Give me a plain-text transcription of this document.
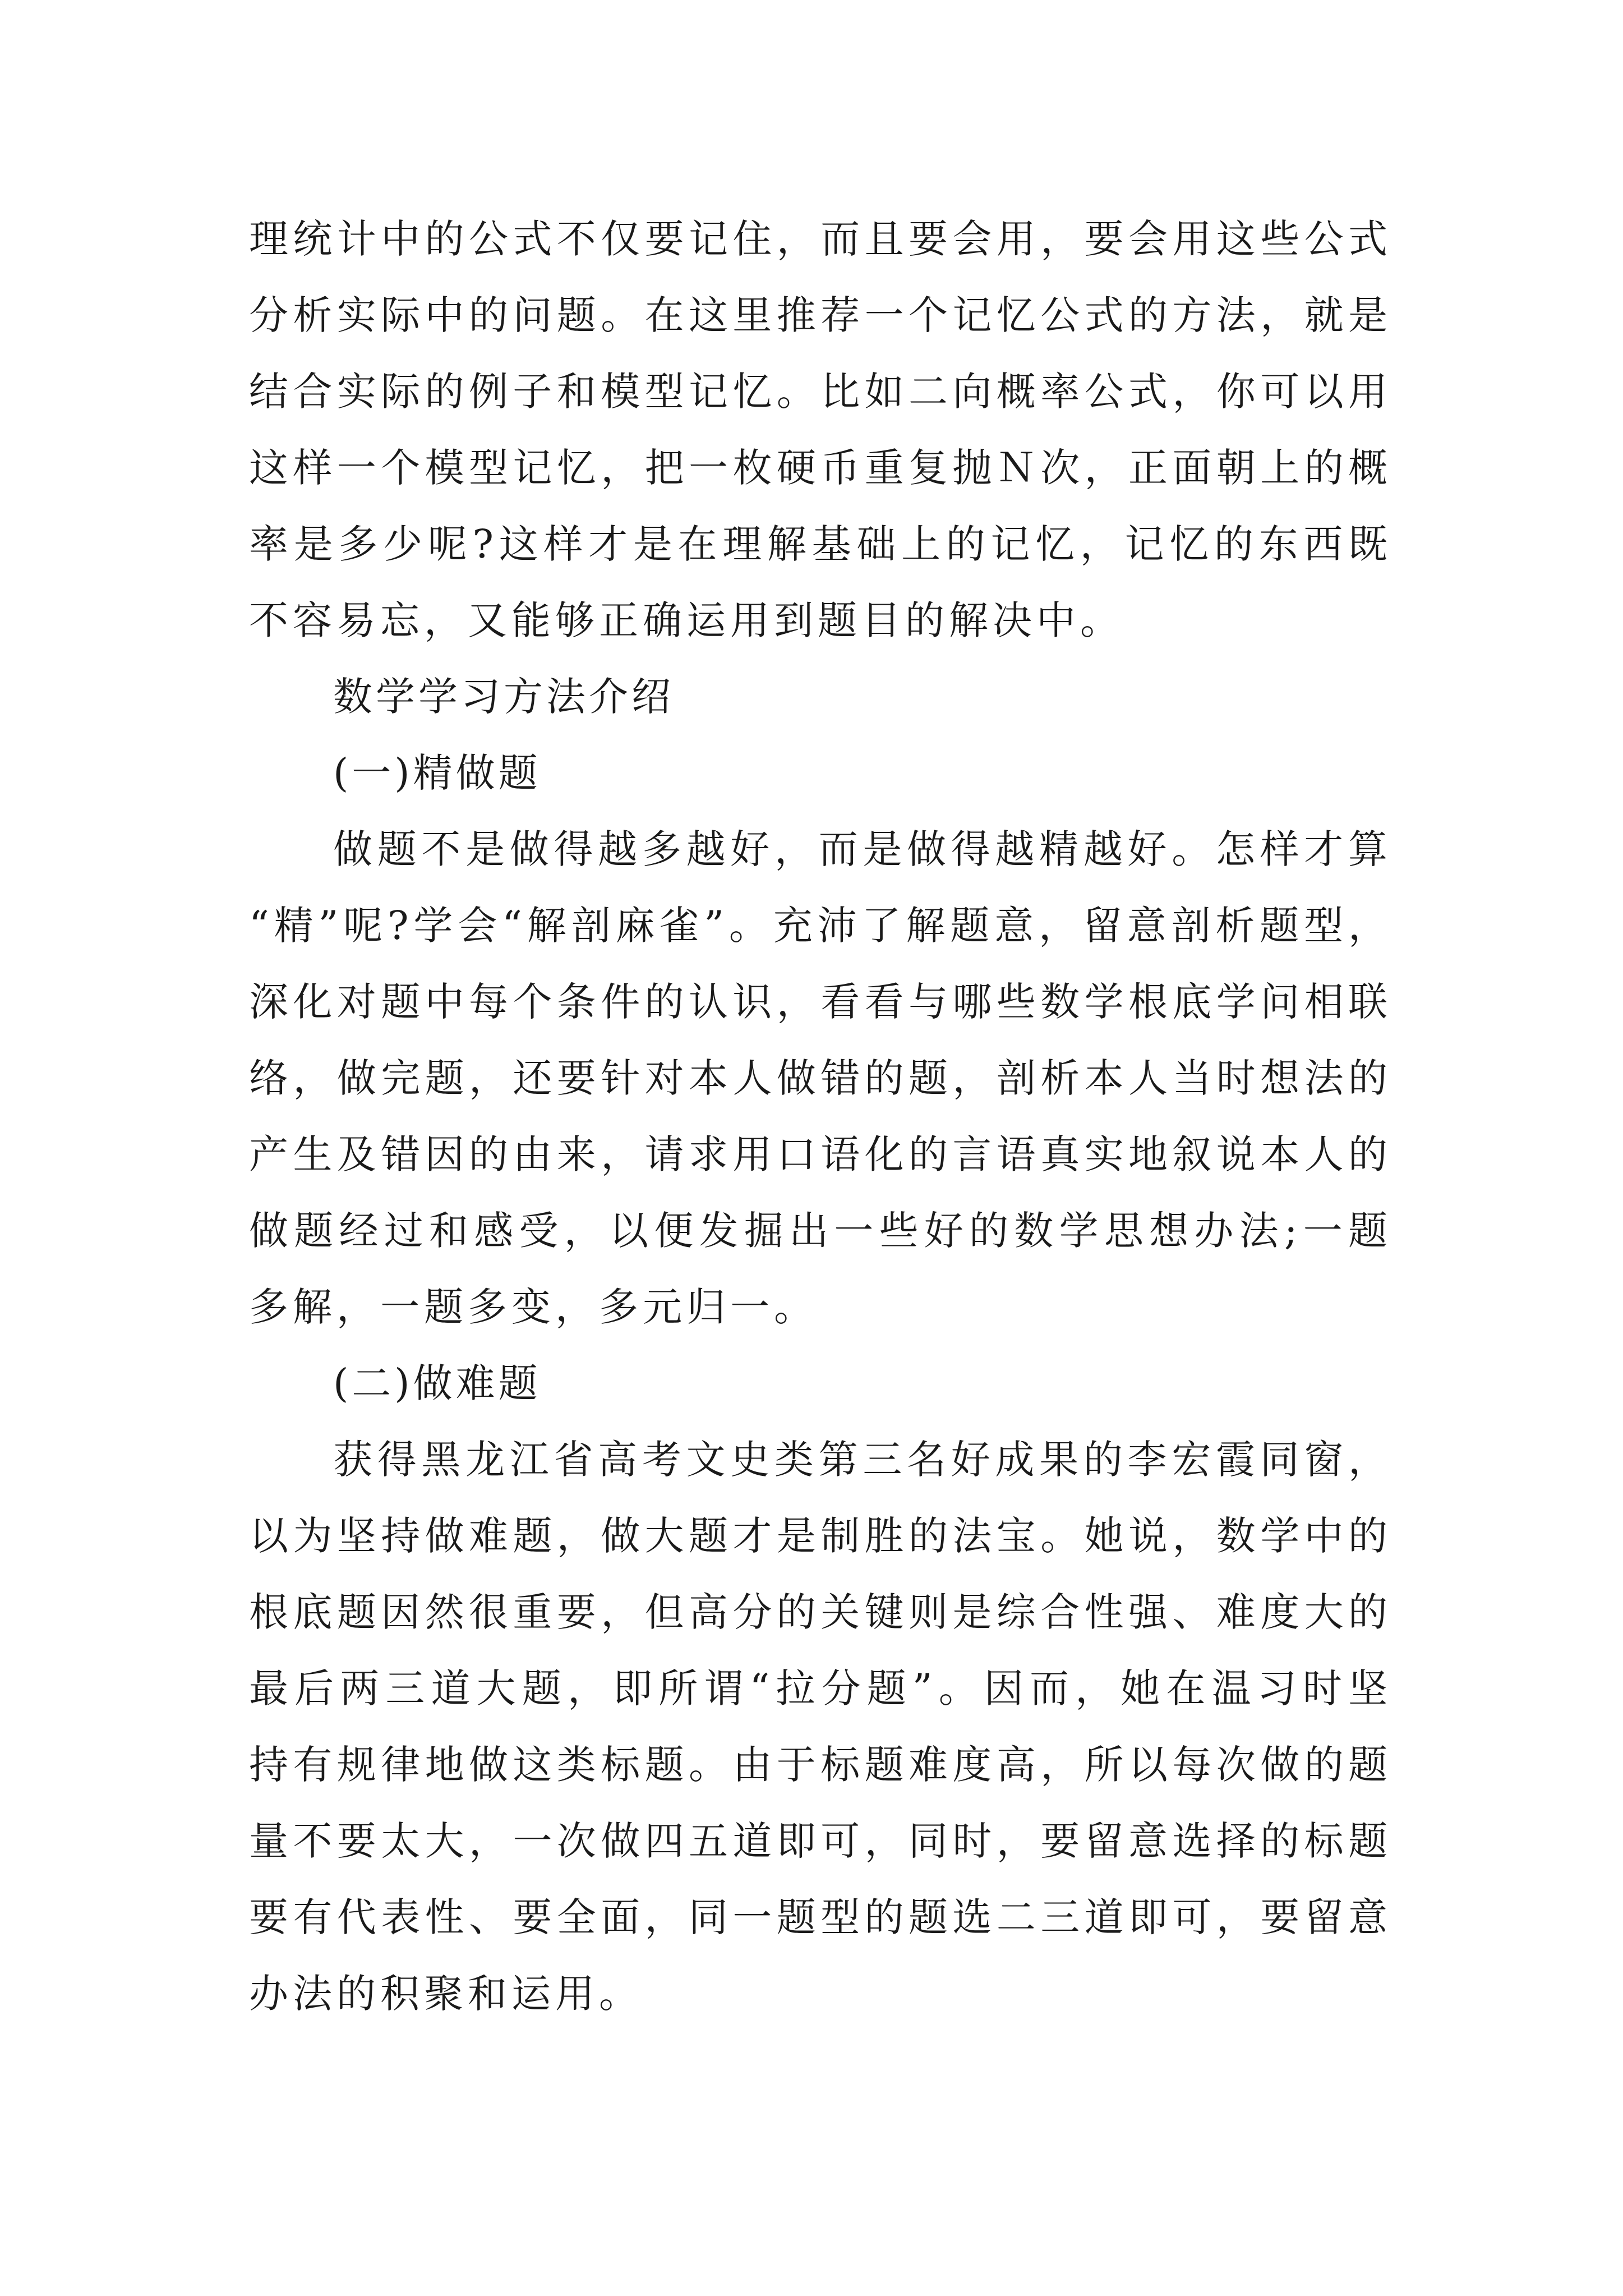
理统计中的公式不仅要记住，而且要会用，要会用这些公式
分析实际中的问题。在这里推荐一个记忆公式的方法，就是
结合实际的例子和模型记忆。比如二向概率公式，你可以用
这样一个模型记忆，把一枚硬币重复抛Ｎ次，正面朝上的概
率是多少呢?这样才是在理解基础上的记忆，记忆的东西既
不容易忘，又能够正确运用到题目的解决中。
数学学习方法介绍
(一)精做题
做题不是做得越多越好，而是做得越精越好。怎样才算
“精”呢?学会“解剖麻雀”。充沛了解题意，留意剖析题型，
深化对题中每个条件的认识，看看与哪些数学根底学问相联
络，做完题，还要针对本人做错的题，剖析本人当时想法的
产生及错因的由来，请求用口语化的言语真实地叙说本人的
做题经过和感受，以便发掘出一些好的数学思想办法;一题
多解，一题多变，多元归一。
(二)做难题
获得黑龙江省高考文史类第三名好成果的李宏霞同窗，
以为坚持做难题，做大题才是制胜的法宝。她说，数学中的
根底题因然很重要，但高分的关键则是综合性强、难度大的
最后两三道大题，即所谓“拉分题”。因而，她在温习时坚
持有规律地做这类标题。由于标题难度高，所以每次做的题
量不要太大，一次做四五道即可，同时，要留意选择的标题
要有代表性、要全面，同一题型的题选二三道即可，要留意
办法的积聚和运用。
